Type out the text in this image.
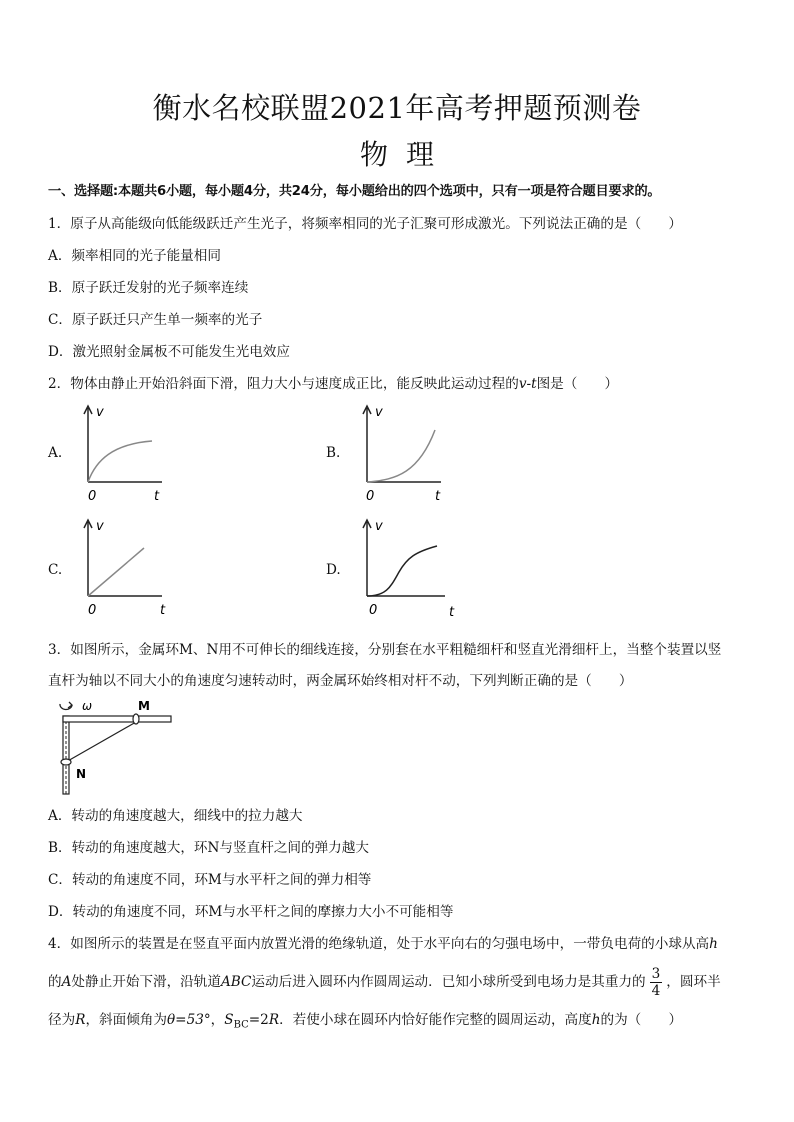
衡水名校联盟2021年高考押题预测卷
物理
一、选择题:本题共6小题，每小题4分，共24分，每小题给出的四个选项中，只有一项是符合题目要求的。
1．原子从高能级向低能级跃迁产生光子，将频率相同的光子汇聚可形成激光。下列说法正确的是（　　）
A．频率相同的光子能量相同
B．原子跃迁发射的光子频率连续
C．原子跃迁只产生单一频率的光子
D．激光照射金属板不可能发生光电效应
2．物体由静止开始沿斜面下滑，阻力大小与速度成正比，能反映此运动过程的v-t图是（　　）
A.
v
0	t
B.
v
0	t
C.
v
0	t
D.
v
0	t
3．如图所示，金属环M、N用不可伸长的细线连接，分别套在水平粗糙细杆和竖直光滑细杆上，当整个装置以竖
直杆为轴以不同大小的角速度匀速转动时，两金属环始终相对杆不动，下列判断正确的是（　　）
ω	M
N
A．转动的角速度越大，细线中的拉力越大
B．转动的角速度越大，环N与竖直杆之间的弹力越大
C．转动的角速度不同，环M与水平杆之间的弹力相等
D．转动的角速度不同，环M与水平杆之间的摩擦力大小不可能相等
4．如图所示的装置是在竖直平面内放置光滑的绝缘轨道，处于水平向右的匀强电场中，一带负电荷的小球从高h
的A处静止开始下滑，沿轨道ABC运动后进入圆环内作圆周运动．已知小球所受到电场力是其重力的 $\frac{3}{4}$ ，圆环半
径为R，斜面倾角为θ=53°，$S_{BC}=2R$．若使小球在圆环内恰好能作完整的圆周运动，高度h的为（　　）
